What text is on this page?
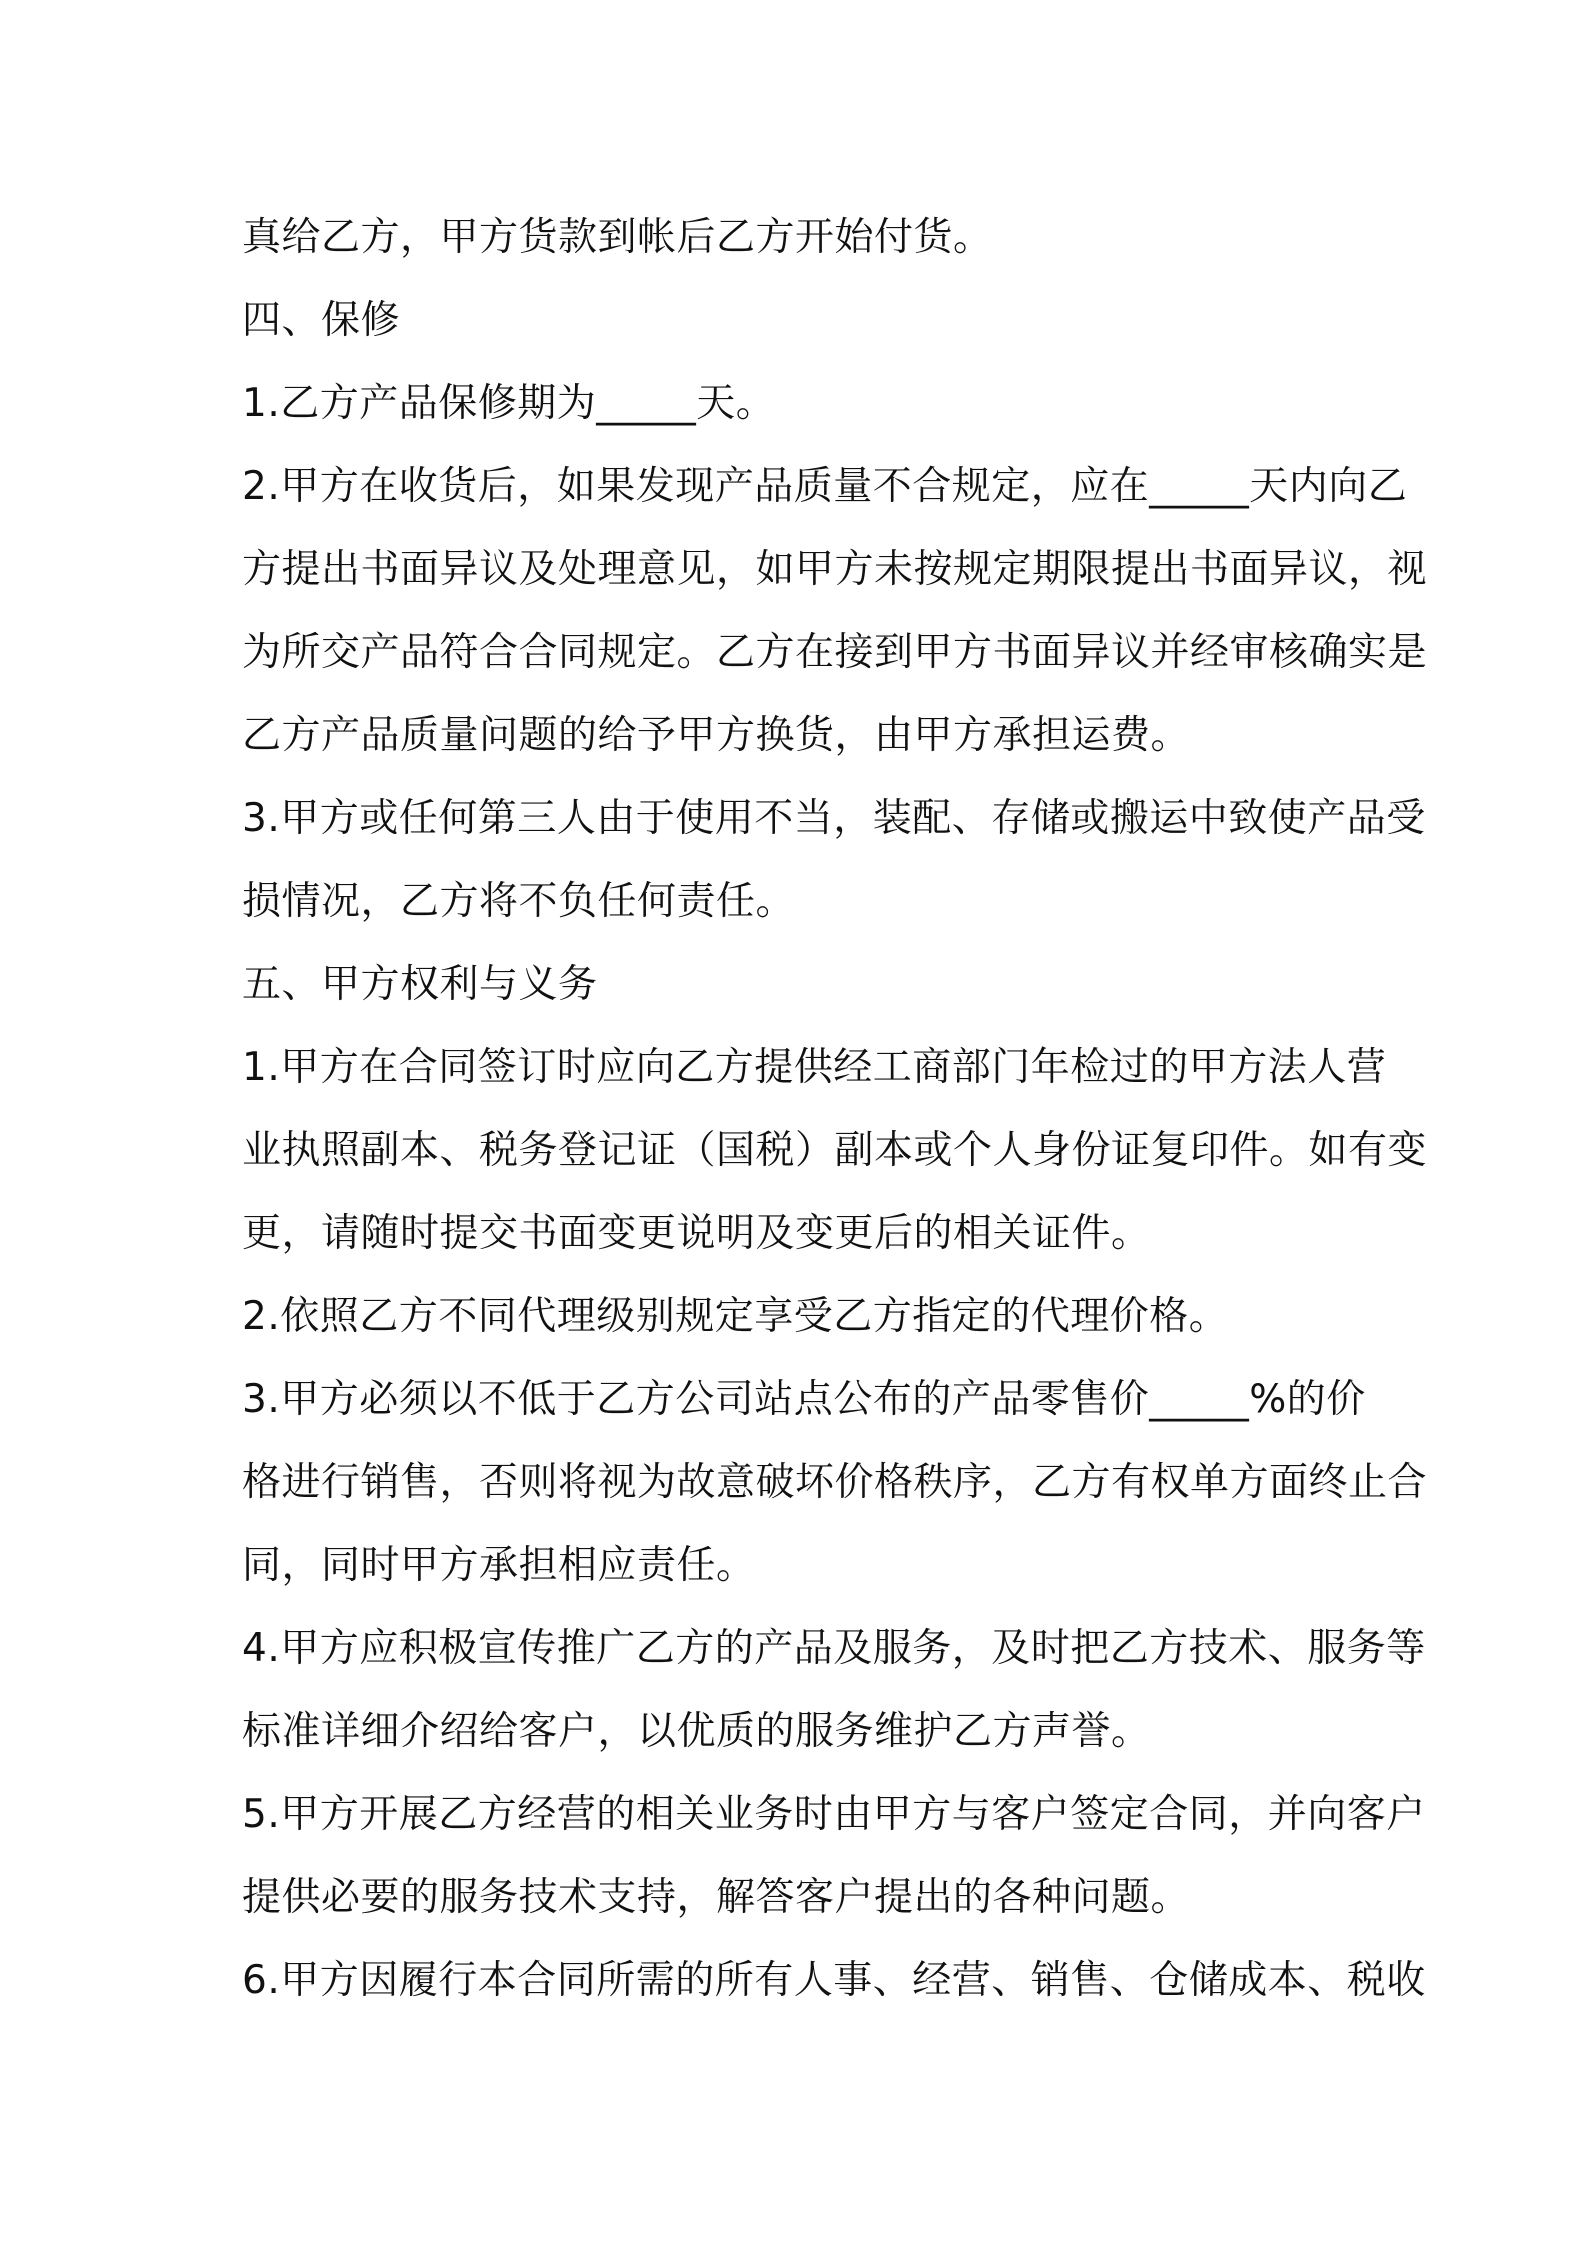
真给乙方，甲方货款到帐后乙方开始付货。
四、保修
1.乙方产品保修期为_____天。
2.甲方在收货后，如果发现产品质量不合规定，应在_____天内向乙
方提出书面异议及处理意见，如甲方未按规定期限提出书面异议，视
为所交产品符合合同规定。乙方在接到甲方书面异议并经审核确实是
乙方产品质量问题的给予甲方换货，由甲方承担运费。
3.甲方或任何第三人由于使用不当，装配、存储或搬运中致使产品受
损情况，乙方将不负任何责任。
五、甲方权利与义务
1.甲方在合同签订时应向乙方提供经工商部门年检过的甲方法人营
业执照副本、税务登记证（国税）副本或个人身份证复印件。如有变
更，请随时提交书面变更说明及变更后的相关证件。
2.依照乙方不同代理级别规定享受乙方指定的代理价格。
3.甲方必须以不低于乙方公司站点公布的产品零售价_____%的价
格进行销售，否则将视为故意破坏价格秩序，乙方有权单方面终止合
同，同时甲方承担相应责任。
4.甲方应积极宣传推广乙方的产品及服务，及时把乙方技术、服务等
标准详细介绍给客户，以优质的服务维护乙方声誉。
5.甲方开展乙方经营的相关业务时由甲方与客户签定合同，并向客户
提供必要的服务技术支持，解答客户提出的各种问题。
6.甲方因履行本合同所需的所有人事、经营、销售、仓储成本、税收
